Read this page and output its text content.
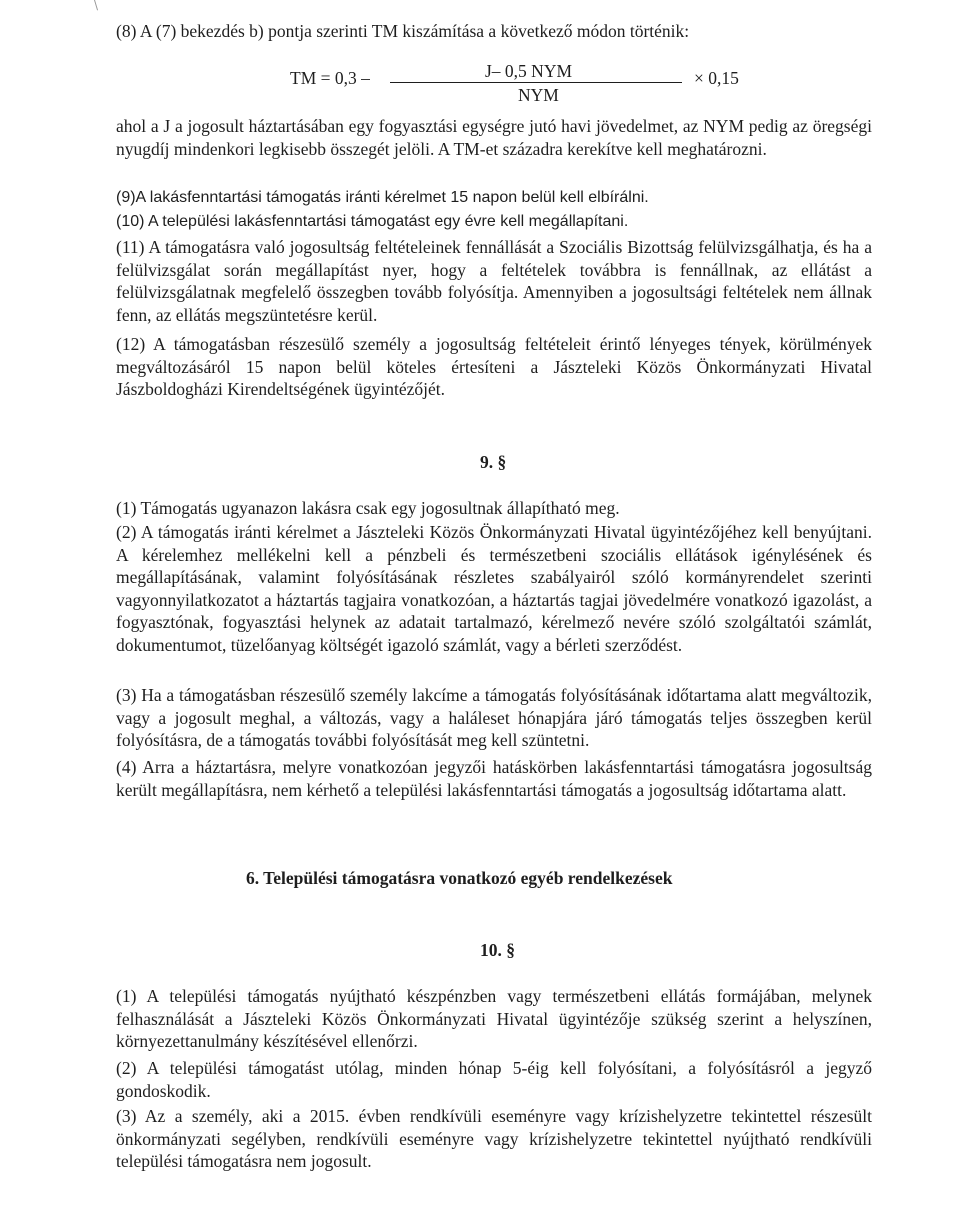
\

(8) A (7) bekezdés b) pontja szerinti TM kiszámítása a következő módon történik:

TM = 0,3 –	J– 0,5 NYM
NYM
× 0,15

ahol a J a jogosult háztartásában egy fogyasztási egységre jutó havi jövedelmet, az NYM pedig az öregségi nyugdíj mindenkori legkisebb összegét jelöli. A TM-et századra kerekítve kell meghatározni.

(9)A lakásfenntartási támogatás iránti kérelmet 15 napon belül kell elbírálni.

(10) A települési lakásfenntartási támogatást egy évre kell megállapítani.

(11) A támogatásra való jogosultság feltételeinek fennállását a Szociális Bizottság felülvizsgálhatja, és ha a felülvizsgálat során megállapítást nyer, hogy a feltételek továbbra is fennállnak, az ellátást a felülvizsgálatnak megfelelő összegben tovább folyósítja. Amennyiben a jogosultsági feltételek nem állnak fenn, az ellátás megszüntetésre kerül.

(12) A támogatásban részesülő személy a jogosultság feltételeit érintő lényeges tények, körülmények megváltozásáról 15 napon belül köteles értesíteni a Jászteleki Közös Önkormányzati Hivatal Jászboldogházi Kirendeltségének ügyintézőjét.

9. §

(1) Támogatás ugyanazon lakásra csak egy jogosultnak állapítható meg.

(2) A támogatás iránti kérelmet a Jászteleki Közös Önkormányzati Hivatal ügyintézőjéhez kell benyújtani. A kérelemhez mellékelni kell a pénzbeli és természetbeni szociális ellátások igénylésének és megállapításának, valamint folyósításának részletes szabályairól szóló kormányrendelet szerinti vagyonnyilatkozatot a háztartás tagjaira vonatkozóan, a háztartás tagjai jövedelmére vonatkozó igazolást, a fogyasztónak, fogyasztási helynek az adatait tartalmazó, kérelmező nevére szóló szolgáltatói számlát, dokumentumot, tüzelőanyag költségét igazoló számlát, vagy a bérleti szerződést.

(3) Ha a támogatásban részesülő személy lakcíme a támogatás folyósításának időtartama alatt megváltozik, vagy a jogosult meghal, a változás, vagy a haláleset hónapjára járó támogatás teljes összegben kerül folyósításra, de a támogatás további folyósítását meg kell szüntetni.

(4) Arra a háztartásra, melyre vonatkozóan jegyzői hatáskörben lakásfenntartási támogatásra jogosultság került megállapításra, nem kérhető a települési lakásfenntartási támogatás a jogosultság időtartama alatt.

6. Települési támogatásra vonatkozó egyéb rendelkezések
10. §

(1) A települési támogatás nyújtható készpénzben vagy természetbeni ellátás formájában, melynek felhasználását a Jászteleki Közös Önkormányzati Hivatal ügyintézője szükség szerint a helyszínen, környezettanulmány készítésével ellenőrzi.

(2) A települési támogatást utólag, minden hónap 5-éig kell folyósítani, a folyósításról a jegyző gondoskodik.

(3) Az a személy, aki a 2015. évben rendkívüli eseményre vagy krízishelyzetre tekintettel részesült önkormányzati segélyben, rendkívüli eseményre vagy krízishelyzetre tekintettel nyújtható rendkívüli települési támogatásra nem jogosult.
